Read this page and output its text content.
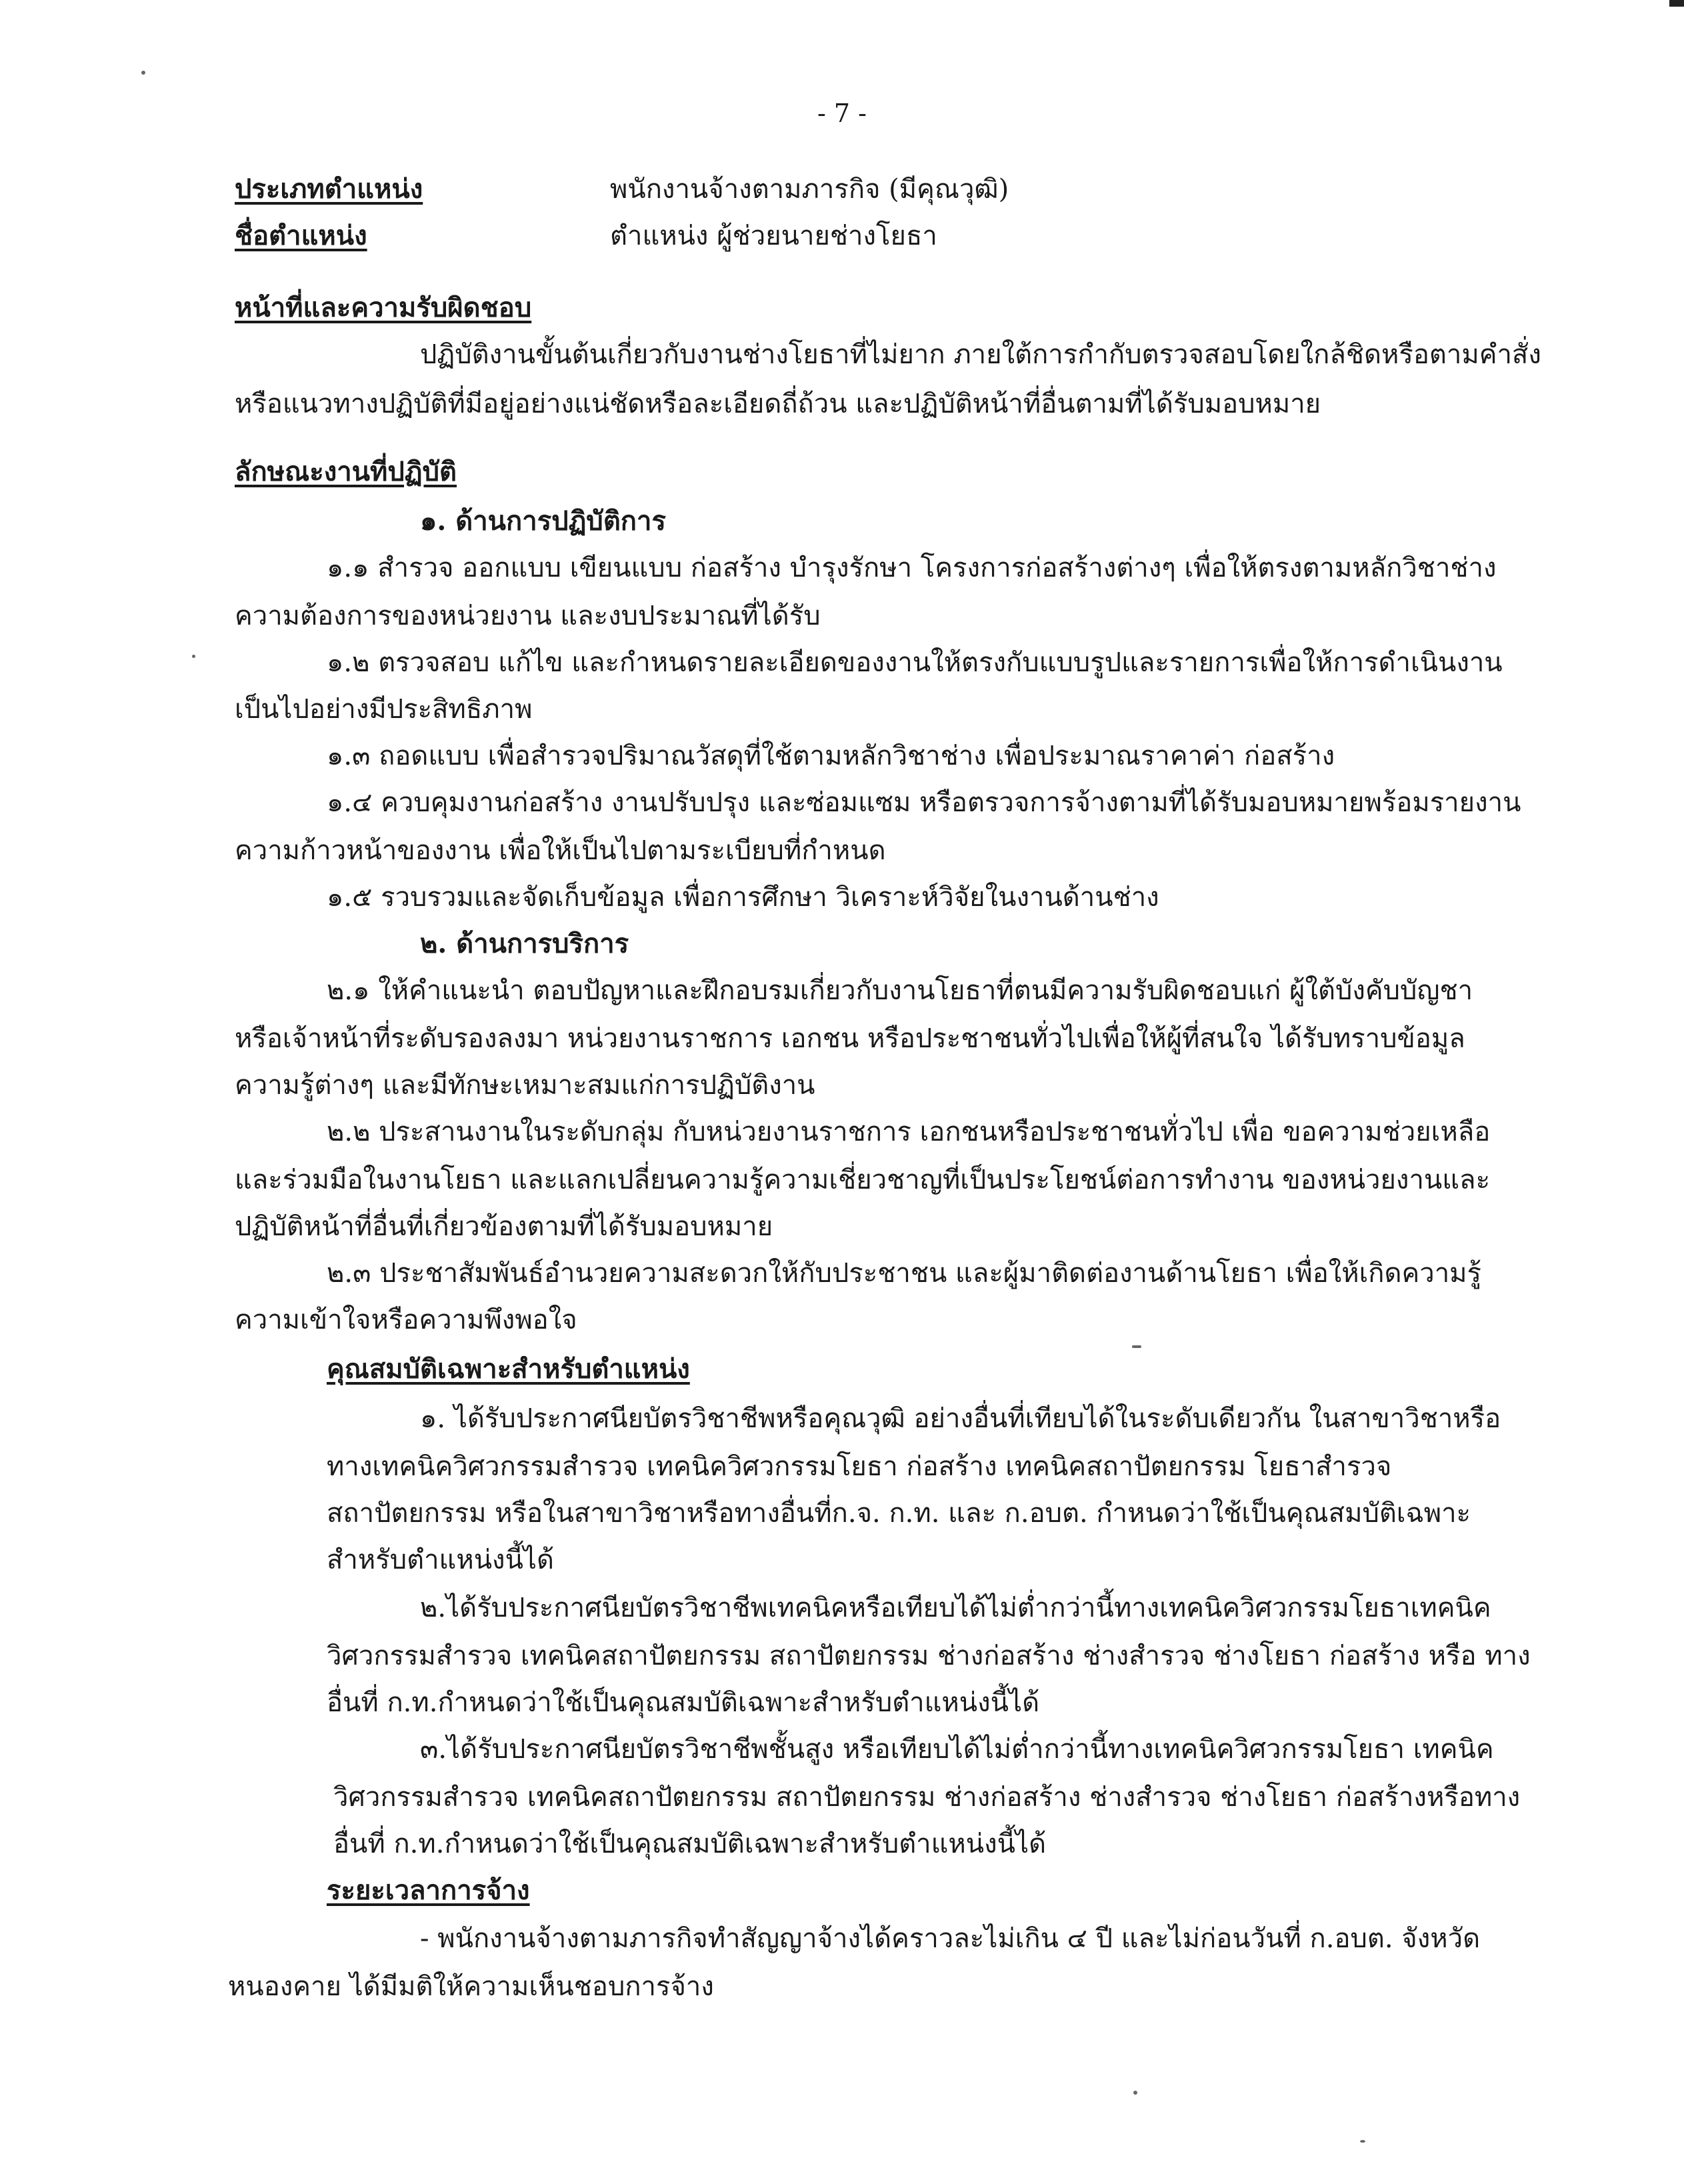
- 7 -
ประเภทตำแหน่ง	พนักงานจ้างตามภารกิจ (มีคุณวุฒิ)
ชื่อตำแหน่ง	ตำแหน่ง ผู้ช่วยนายช่างโยธา
หน้าที่และความรับผิดชอบ
ปฏิบัติงานขั้นต้นเกี่ยวกับงานช่างโยธาที่ไม่ยาก ภายใต้การกำกับตรวจสอบโดยใกล้ชิดหรือตามคำสั่ง
หรือแนวทางปฏิบัติที่มีอยู่อย่างแน่ชัดหรือละเอียดถี่ถ้วน และปฏิบัติหน้าที่อื่นตามที่ได้รับมอบหมาย
ลักษณะงานที่ปฏิบัติ
๑. ด้านการปฏิบัติการ
๑.๑ สำรวจ ออกแบบ เขียนแบบ ก่อสร้าง บำรุงรักษา โครงการก่อสร้างต่างๆ เพื่อให้ตรงตามหลักวิชาช่าง
ความต้องการของหน่วยงาน และงบประมาณที่ได้รับ
๑.๒ ตรวจสอบ แก้ไข และกำหนดรายละเอียดของงานให้ตรงกับแบบรูปและรายการเพื่อให้การดำเนินงาน
เป็นไปอย่างมีประสิทธิภาพ
๑.๓ ถอดแบบ เพื่อสำรวจปริมาณวัสดุที่ใช้ตามหลักวิชาช่าง เพื่อประมาณราคาค่า ก่อสร้าง
๑.๔ ควบคุมงานก่อสร้าง งานปรับปรุง และซ่อมแซม หรือตรวจการจ้างตามที่ได้รับมอบหมายพร้อมรายงาน
ความก้าวหน้าของงาน เพื่อให้เป็นไปตามระเบียบที่กำหนด
๑.๕ รวบรวมและจัดเก็บข้อมูล เพื่อการศึกษา วิเคราะห์วิจัยในงานด้านช่าง
๒. ด้านการบริการ
๒.๑ ให้คำแนะนำ ตอบปัญหาและฝึกอบรมเกี่ยวกับงานโยธาที่ตนมีความรับผิดชอบแก่ ผู้ใต้บังคับบัญชา
หรือเจ้าหน้าที่ระดับรองลงมา หน่วยงานราชการ เอกชน หรือประชาชนทั่วไปเพื่อให้ผู้ที่สนใจ ได้รับทราบข้อมูล
ความรู้ต่างๆ และมีทักษะเหมาะสมแก่การปฏิบัติงาน
๒.๒ ประสานงานในระดับกลุ่ม กับหน่วยงานราชการ เอกชนหรือประชาชนทั่วไป เพื่อ ขอความช่วยเหลือ
และร่วมมือในงานโยธา และแลกเปลี่ยนความรู้ความเชี่ยวชาญที่เป็นประโยชน์ต่อการทำงาน ของหน่วยงานและ
ปฏิบัติหน้าที่อื่นที่เกี่ยวข้องตามที่ได้รับมอบหมาย
๒.๓ ประชาสัมพันธ์อำนวยความสะดวกให้กับประชาชน และผู้มาติดต่องานด้านโยธา เพื่อให้เกิดความรู้
ความเข้าใจหรือความพึงพอใจ
คุณสมบัติเฉพาะสำหรับตำแหน่ง
๑. ได้รับประกาศนียบัตรวิชาชีพหรือคุณวุฒิ อย่างอื่นที่เทียบได้ในระดับเดียวกัน ในสาขาวิชาหรือ
ทางเทคนิควิศวกรรมสำรวจ เทคนิควิศวกรรมโยธา ก่อสร้าง เทคนิคสถาปัตยกรรม โยธาสำรวจ
สถาปัตยกรรม หรือในสาขาวิชาหรือทางอื่นที่ก.จ. ก.ท. และ ก.อบต. กำหนดว่าใช้เป็นคุณสมบัติเฉพาะ
สำหรับตำแหน่งนี้ได้
๒.ได้รับประกาศนียบัตรวิชาชีพเทคนิคหรือเทียบได้ไม่ต่ำกว่านี้ทางเทคนิควิศวกรรมโยธาเทคนิค
วิศวกรรมสำรวจ เทคนิคสถาปัตยกรรม สถาปัตยกรรม ช่างก่อสร้าง ช่างสำรวจ ช่างโยธา ก่อสร้าง หรือ ทาง
อื่นที่ ก.ท.กำหนดว่าใช้เป็นคุณสมบัติเฉพาะสำหรับตำแหน่งนี้ได้
๓.ได้รับประกาศนียบัตรวิชาชีพชั้นสูง หรือเทียบได้ไม่ต่ำกว่านี้ทางเทคนิควิศวกรรมโยธา เทคนิค
วิศวกรรมสำรวจ เทคนิคสถาปัตยกรรม สถาปัตยกรรม ช่างก่อสร้าง ช่างสำรวจ ช่างโยธา ก่อสร้างหรือทาง
อื่นที่ ก.ท.กำหนดว่าใช้เป็นคุณสมบัติเฉพาะสำหรับตำแหน่งนี้ได้
ระยะเวลาการจ้าง
- พนักงานจ้างตามภารกิจทำสัญญาจ้างได้คราวละไม่เกิน ๔ ปี และไม่ก่อนวันที่ ก.อบต. จังหวัด
หนองคาย ได้มีมติให้ความเห็นชอบการจ้าง
